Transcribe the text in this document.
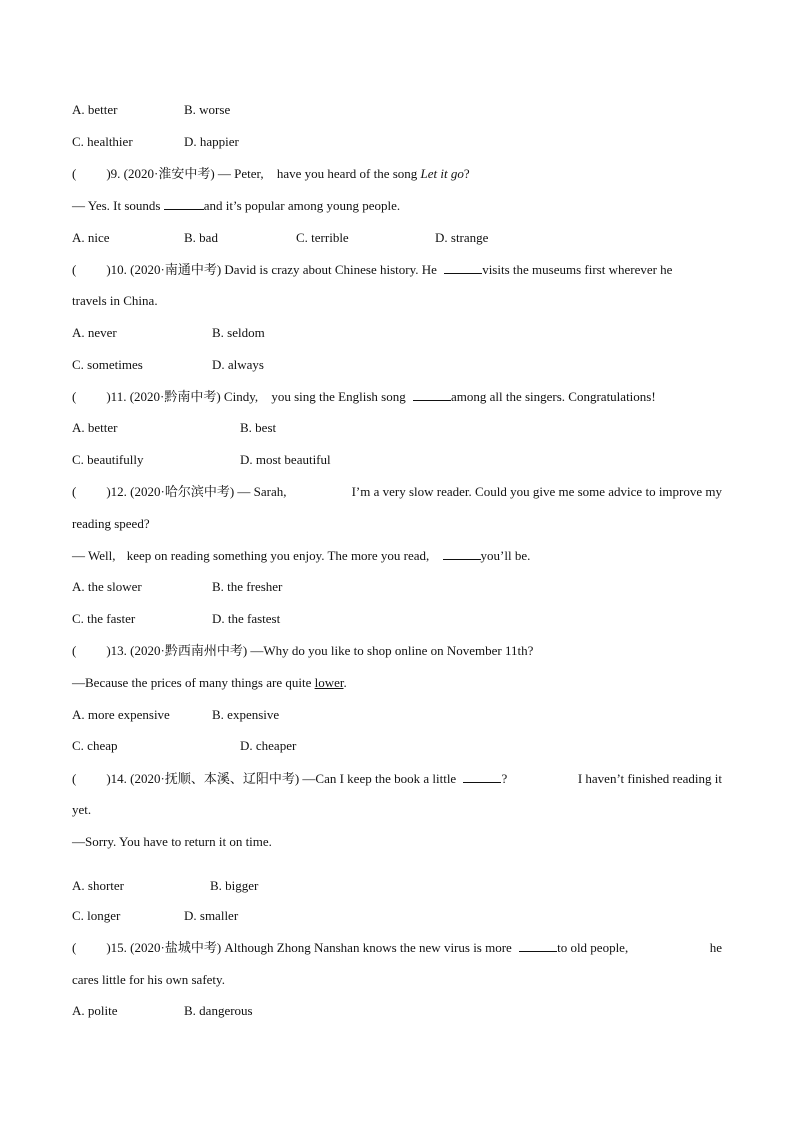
A. better	B. worse
C. healthier	D. happier
( )9. (2020·淮安中考) — Peter, have you heard of the song Let it go?
— Yes. It sounds	and it’s popular among young people.
A. nice	B. bad	C. terrible	D. strange
( )10. (2020·南通中考) David is crazy about Chinese history. He	visits the museums first wherever he
travels in China.
A. never	B. seldom
C. sometimes	D. always
( )11. (2020·黔南中考) Cindy, you sing the English song	among all the singers. Congratulations!
A. better	B. best
C. beautifully	D. most beautiful
( )12. (2020·哈尔滨中考) — Sarah,	I’m a very slow reader. Could you give me some advice to improve my
reading speed?
— Well, keep on reading something you enjoy. The more you read,	you’ll be.
A. the slower	B. the fresher
C. the faster	D. the fastest
( )13. (2020·黔西南州中考) —Why do you like to shop online on November 11th?
—Because the prices of many things are quite lower.
A. more expensive	B. expensive
C. cheap	D. cheaper
( )14. (2020·抚顺、本溪、辽阳中考) —Can I keep the book a little	?	I haven’t finished reading it
yet.
—Sorry. You have to return it on time.
A. shorter	B. bigger
C. longer	D. smaller
( )15. (2020·盐城中考) Although Zhong Nanshan knows the new virus is more	to old people,	he
cares little for his own safety.
A. polite	B. dangerous
